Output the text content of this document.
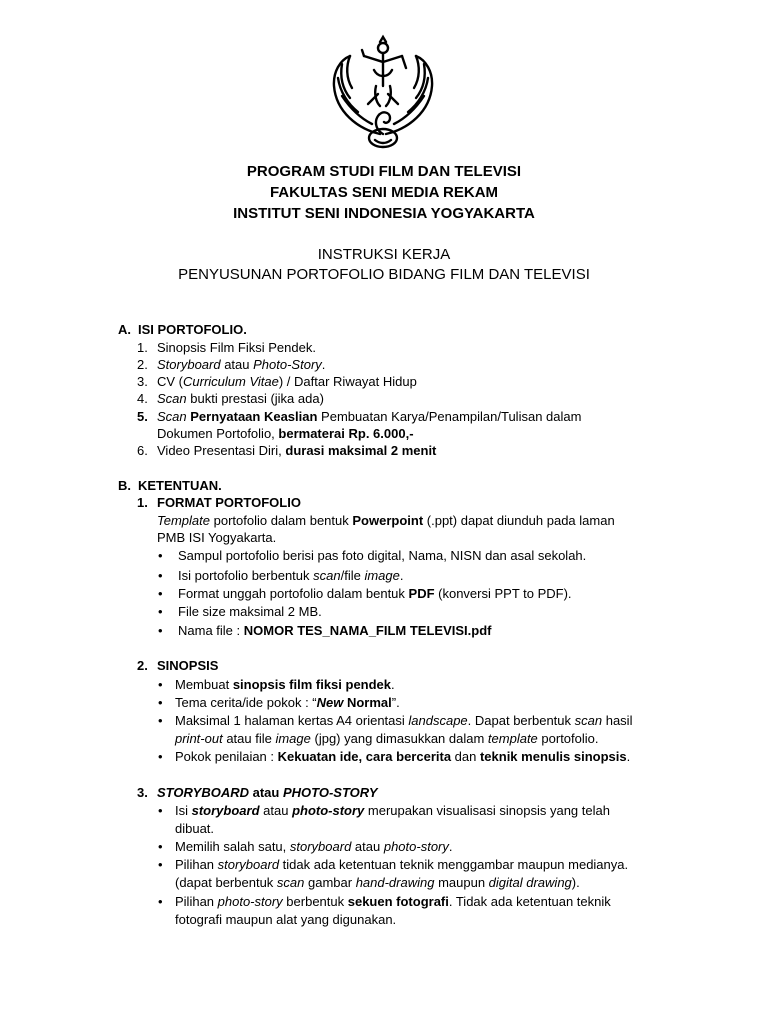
PROGRAM STUDI FILM DAN TELEVISI
FAKULTAS SENI MEDIA REKAM
INSTITUT SENI INDONESIA YOGYAKARTA
INSTRUKSI KERJA
PENYUSUNAN PORTOFOLIO BIDANG FILM DAN TELEVISI
A. ISI PORTOFOLIO.
1. Sinopsis Film Fiksi Pendek.
2. Storyboard atau Photo-Story.
3. CV (Curriculum Vitae) / Daftar Riwayat Hidup
4. Scan bukti prestasi (jika ada)
5. Scan Pernyataan Keaslian Pembuatan Karya/Penampilan/Tulisan dalam
Dokumen Portofolio, bermaterai Rp. 6.000,-
6. Video Presentasi Diri, durasi maksimal 2 menit
B. KETENTUAN.
1. FORMAT PORTOFOLIO
Template portofolio dalam bentuk Powerpoint (.ppt) dapat diunduh pada laman
PMB ISI Yogyakarta.
• Sampul portofolio berisi pas foto digital, Nama, NISN dan asal sekolah.
• Isi portofolio berbentuk scan/file image.
• Format unggah portofolio dalam bentuk PDF (konversi PPT to PDF).
• File size maksimal 2 MB.
• Nama file : NOMOR TES_NAMA_FILM TELEVISI.pdf
2. SINOPSIS
• Membuat sinopsis film fiksi pendek.
• Tema cerita/ide pokok : “New Normal”.
• Maksimal 1 halaman kertas A4 orientasi landscape. Dapat berbentuk scan hasil
print-out atau file image (jpg) yang dimasukkan dalam template portofolio.
• Pokok penilaian : Kekuatan ide, cara bercerita dan teknik menulis sinopsis.
3. STORYBOARD atau PHOTO-STORY
• Isi storyboard atau photo-story merupakan visualisasi sinopsis yang telah
dibuat.
• Memilih salah satu, storyboard atau photo-story.
• Pilihan storyboard tidak ada ketentuan teknik menggambar maupun medianya.
(dapat berbentuk scan gambar hand-drawing maupun digital drawing).
• Pilihan photo-story berbentuk sekuen fotografi. Tidak ada ketentuan teknik
fotografi maupun alat yang digunakan.
